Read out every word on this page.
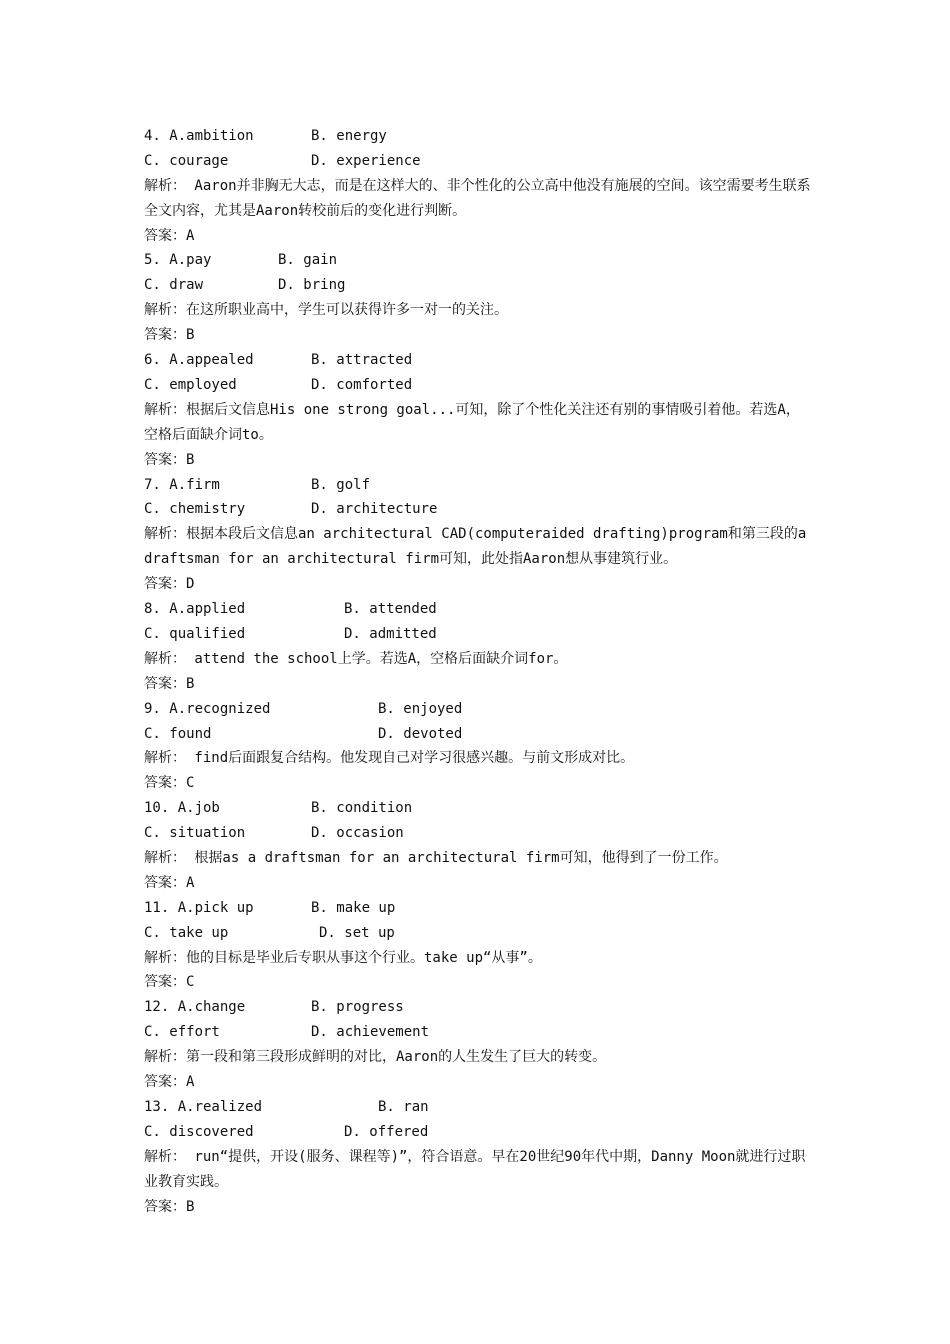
4. A.ambition	B. energy
C. courage	D. experience
解析： Aaron并非胸无大志，而是在这样大的、非个性化的公立高中他没有施展的空间。该空需要考生联系全文内容，尤其是Aaron转校前后的变化进行判断。
答案：A
5. A.pay	B. gain
C. draw	D. bring
解析：在这所职业高中，学生可以获得许多一对一的关注。
答案：B
6. A.appealed	B. attracted
C. employed	D. comforted
解析：根据后文信息His one strong goal...可知，除了个性化关注还有别的事情吸引着他。若选A，空格后面缺介词to。
答案：B
7. A.firm	B. golf
C. chemistry	D. architecture
解析：根据本段后文信息an architectural CAD(computeraided drafting)program和第三段的a draftsman for an architectural firm可知，此处指Aaron想从事建筑行业。
答案：D
8. A.applied	B. attended
C. qualified	D. admitted
解析： attend the school上学。若选A，空格后面缺介词for。
答案：B
9. A.recognized	B. enjoyed
C. found	D. devoted
解析： find后面跟复合结构。他发现自己对学习很感兴趣。与前文形成对比。
答案：C
10. A.job	B. condition
C. situation	D. occasion
解析： 根据as a draftsman for an architectural firm可知，他得到了一份工作。
答案：A
11. A.pick up	B. make up
C. take up	D. set up
解析：他的目标是毕业后专职从事这个行业。take up“从事”。
答案：C
12. A.change	B. progress
C. effort	D. achievement
解析：第一段和第三段形成鲜明的对比，Aaron的人生发生了巨大的转变。
答案：A
13. A.realized	B. ran
C. discovered	D. offered
解析： run“提供，开设(服务、课程等)”，符合语意。早在20世纪90年代中期，Danny Moon就进行过职业教育实践。
答案：B
